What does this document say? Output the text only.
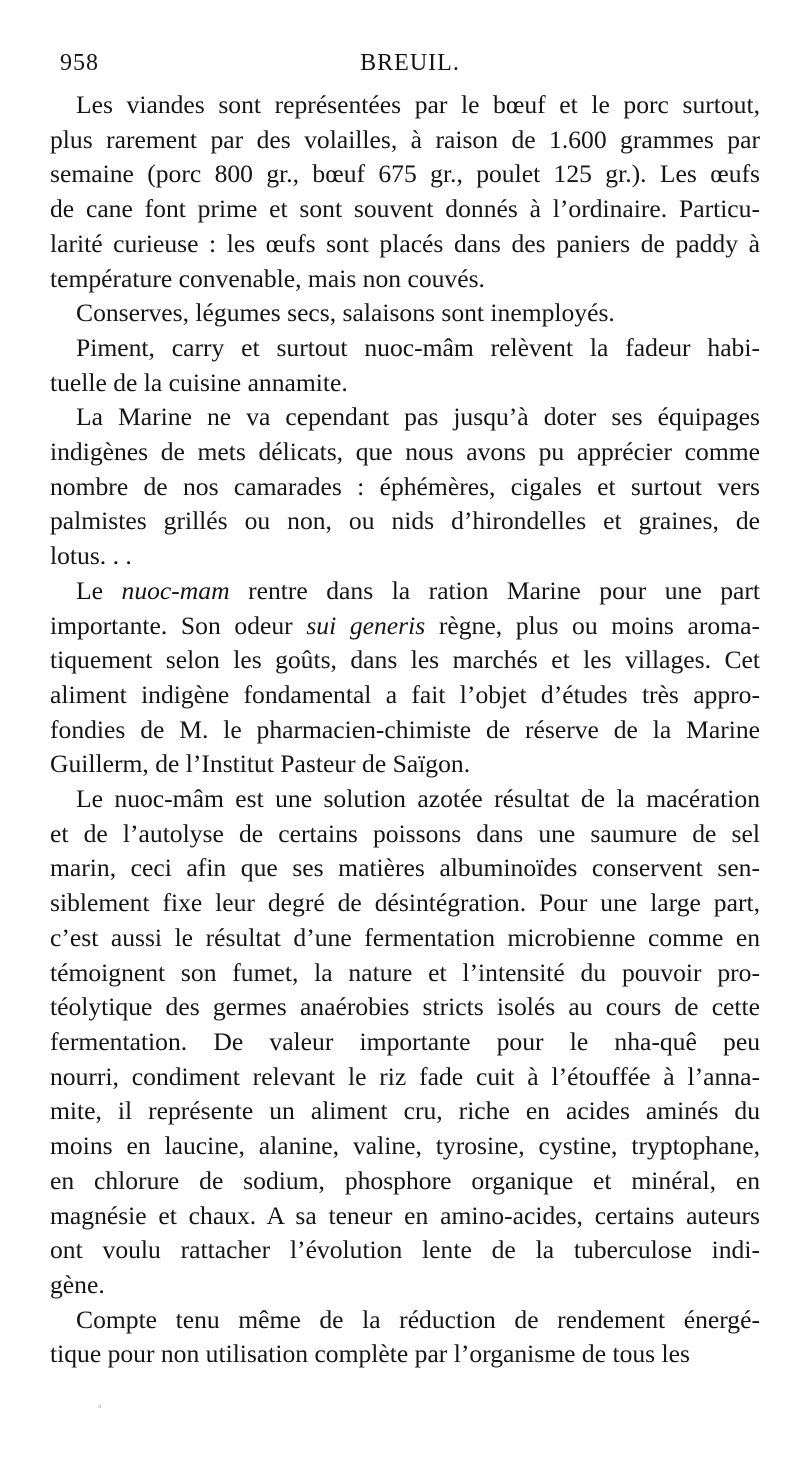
958	BREUIL.
Les viandes sont représentées par le bœuf et le porc surtout,
plus rarement par des volailles, à raison de 1.600 grammes par
semaine (porc 800 gr., bœuf 675 gr., poulet 125 gr.). Les œufs
de cane font prime et sont souvent donnés à l’ordinaire. Particu-
larité curieuse : les œufs sont placés dans des paniers de paddy à
température convenable, mais non couvés.
Conserves, légumes secs, salaisons sont inemployés.
Piment, carry et surtout nuoc-mâm relèvent la fadeur habi-
tuelle de la cuisine annamite.
La Marine ne va cependant pas jusqu’à doter ses équipages
indigènes de mets délicats, que nous avons pu apprécier comme
nombre de nos camarades : éphémères, cigales et surtout vers
palmistes grillés ou non, ou nids d’hirondelles et graines, de
lotus. . .
Le nuoc-mam rentre dans la ration Marine pour une part
importante. Son odeur sui generis règne, plus ou moins aroma-
tiquement selon les goûts, dans les marchés et les villages. Cet
aliment indigène fondamental a fait l’objet d’études très appro-
fondies de M. le pharmacien-chimiste de réserve de la Marine
Guillerm, de l’Institut Pasteur de Saïgon.
Le nuoc-mâm est une solution azotée résultat de la macération
et de l’autolyse de certains poissons dans une saumure de sel
marin, ceci afin que ses matières albuminoïdes conservent sen-
siblement fixe leur degré de désintégration. Pour une large part,
c’est aussi le résultat d’une fermentation microbienne comme en
témoignent son fumet, la nature et l’intensité du pouvoir pro-
téolytique des germes anaérobies stricts isolés au cours de cette
fermentation. De valeur importante pour le nha-quê peu
nourri, condiment relevant le riz fade cuit à l’étouffée à l’anna-
mite, il représente un aliment cru, riche en acides aminés du
moins en laucine, alanine, valine, tyrosine, cystine, tryptophane,
en chlorure de sodium, phosphore organique et minéral, en
magnésie et chaux. A sa teneur en amino-acides, certains auteurs
ont voulu rattacher l’évolution lente de la tuberculose indi-
gène.
Compte tenu même de la réduction de rendement énergé-
tique pour non utilisation complète par l’organisme de tous les
ª
